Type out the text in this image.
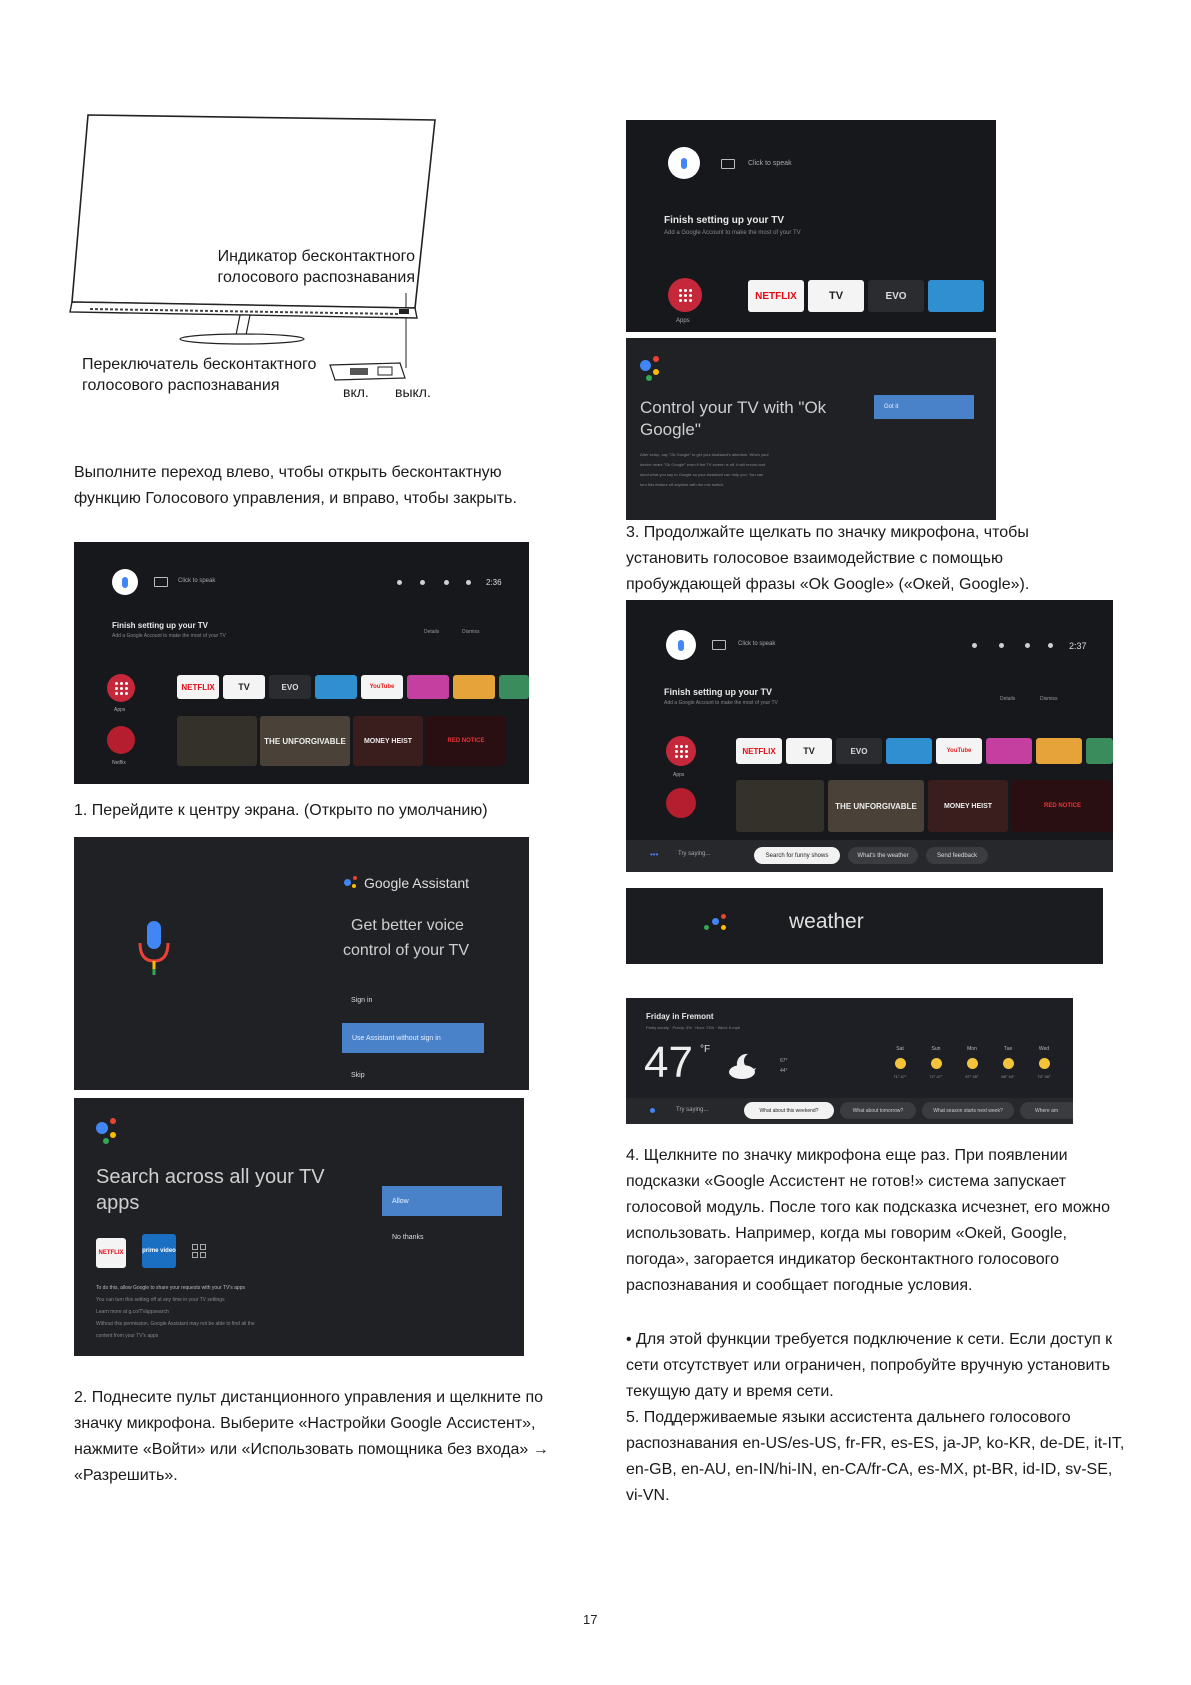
Индикатор бесконтактного
голосового распознавания
Переключатель бесконтактного
голосового распознавания	вкл. выкл.
Выполните переход влево, чтобы открыть бесконтактную функцию Голосового управления, и вправо, чтобы закрыть.
Click to speak	2:36
Finish setting up your TV
Add a Google Account to make the most of your TV
Details	Dismiss
Apps
NETFLIX	TV	EVO	YouTube
Netflix
THE UNFORGIVABLE	MONEY HEIST	RED NOTICE
1. Перейдите к центру экрана. (Открыто по умолчанию)
Google Assistant
Get better voice
control of your TV
Sign in
Use Assistant without sign in
Skip
Search across all your TV
apps	Allow
No thanks
NETFLIX	prime video
To do this, allow Google to share your requests with your TV's apps
You can turn this setting off at any time in your TV settings
Learn more at g.co/TVappsearch
Without this permission, Google Assistant may not be able to find all the
content from your TV's apps
2. Поднесите пульт дистанционного управления и щелкните по значку микрофона. Выберите «Настройки Google Ассистент», нажмите «Войти» или «Использовать помощника без входа» → «Разрешить».
Click to speak
Finish setting up your TV
Add a Google Account to make the most of your TV
Apps
NETFLIX	TV	EVO
Control your TV with "Ok
Google"
Got it
After setup, say "Ok Google" to get your Assistant's attention. When your
device hears "Ok Google" even if the TV screen is off, it will record and
send what you say to Google so your Assistant can help you. You can
turn this feature off anytime with the mic switch.
3. Продолжайте щелкать по значку микрофона, чтобы установить голосовое взаимодействие с помощью пробуждающей фразы «Ok Google» («Окей, Google»).
Click to speak	2:37
Finish setting up your TV
Add a Google Account to make the most of your TV
Details	Dismiss
Apps
NETFLIX	TV	EVO	YouTube
THE UNFORGIVABLE	MONEY HEIST	RED NOTICE
•••	Try saying...	Search for funny shows	What's the weather	Send feedback
weather
Friday in Fremont
Partly cloudy · Precip: 0% · Hum: 73% · Wind: 6 mph
47 °F
67°
44°
Sat
71° 47°
Sun
72° 47°
Mon
67° 45°
Tue
66° 44°
Wed
70° 46°
Try saying...	What about this weekend?	What about tomorrow?	What season starts next week?	Where am
4. Щелкните по значку микрофона еще раз. При появлении подсказки «Google Ассистент не готов!» система запускает голосовой модуль. После того как подсказка исчезнет, его можно использовать. Например, когда мы говорим «Окей, Google, погода», загорается индикатор бесконтактного голосового распознавания и сообщает погодные условия.
• Для этой функции требуется подключение к сети. Если доступ к сети отсутствует или ограничен, попробуйте вручную установить текущую дату и время сети.
5. Поддерживаемые языки ассистента дальнего голосового распознавания en-US/es-US, fr-FR, es-ES, ja-JP, ko-KR, de-DE, it-IT, en-GB, en-AU, en-IN/hi-IN, en-CA/fr-CA, es-MX, pt-BR, id-ID, sv-SE, vi-VN.
17
